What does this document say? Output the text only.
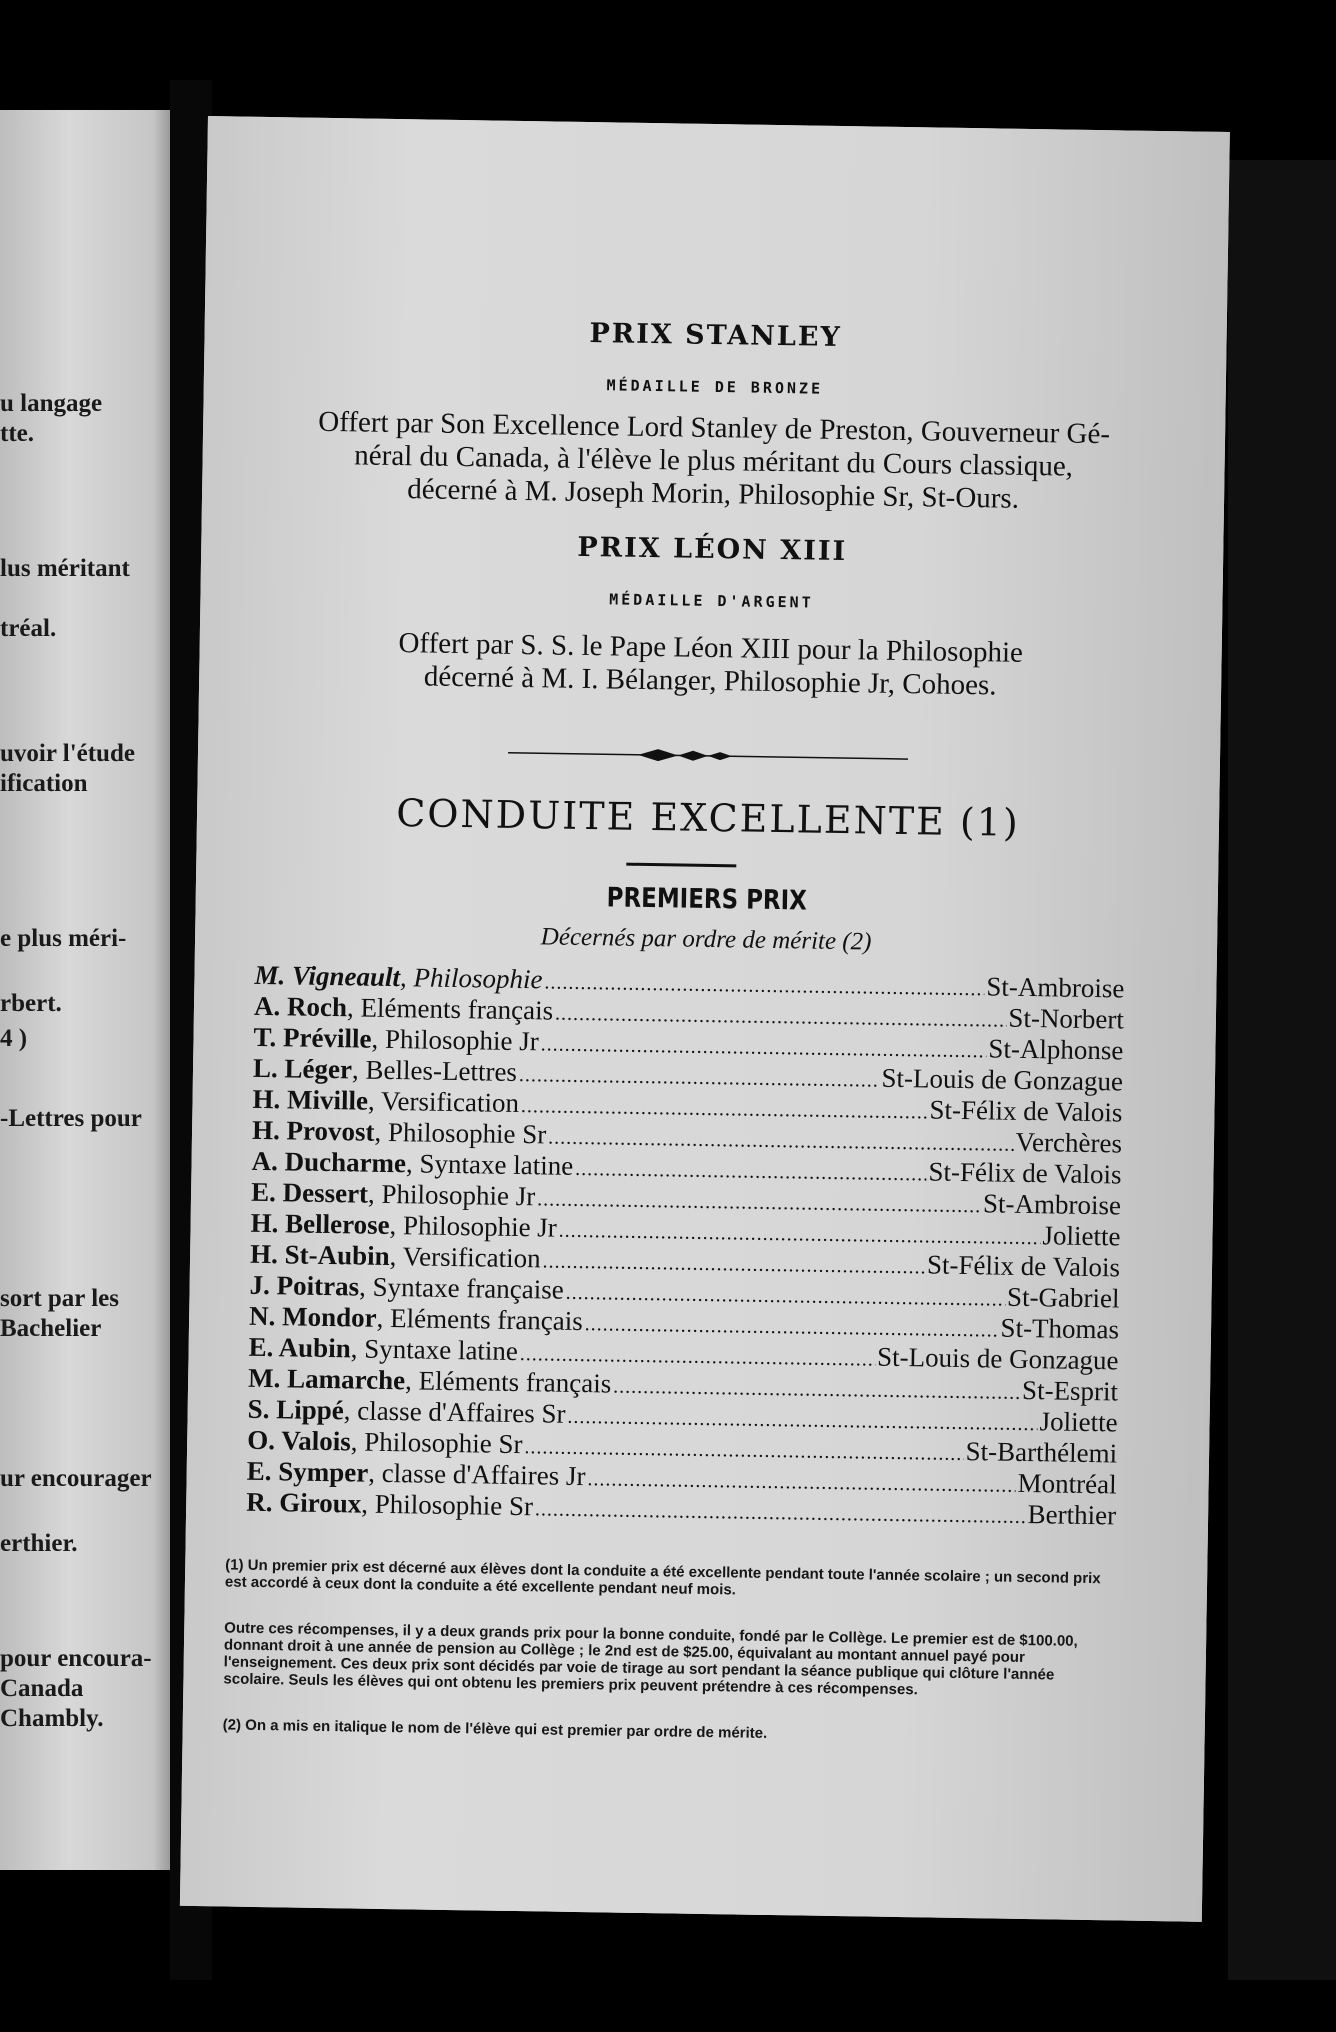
u langage
tte.
lus méritant
tréal.
uvoir l'étude
ification
e plus méri-
rbert.
4 )
-Lettres pour
sort par les
Bachelier
ur encourager
erthier.
pour encoura-
Canada
Chambly.
PRIX STANLEY
MÉDAILLE DE BRONZE
Offert par Son Excellence Lord Stanley de Preston, Gouverneur Gé-
néral du Canada, à l'élève le plus méritant du Cours classique,
décerné à M. Joseph Morin, Philosophie Sr, St-Ours.
PRIX LÉON XIII
MÉDAILLE D'ARGENT
Offert par S. S. le Pape Léon XIII pour la Philosophie
décerné à M. I. Bélanger, Philosophie Jr, Cohoes.
CONDUITE EXCELLENTE (1)
PREMIERS PRIX
Décernés par ordre de mérite (2)
M. Vigneault, Philosophie .....	St-Ambroise
A. Roch, Eléments français .....	St-Norbert
T. Préville, Philosophie Jr .....	St-Alphonse
L. Léger, Belles-Lettres .....	St-Louis de Gonzague
H. Miville, Versification .....	St-Félix de Valois
H. Provost, Philosophie Sr .....	Verchères
A. Ducharme, Syntaxe latine .....	St-Félix de Valois
E. Dessert, Philosophie Jr .....	St-Ambroise
H. Bellerose, Philosophie Jr .....	Joliette
H. St-Aubin, Versification .....	St-Félix de Valois
J. Poitras, Syntaxe française .....	St-Gabriel
N. Mondor, Eléments français .....	St-Thomas
E. Aubin, Syntaxe latine .....	St-Louis de Gonzague
M. Lamarche, Eléments français .....	St-Esprit
S. Lippé, classe d'Affaires Sr .....	Joliette
O. Valois, Philosophie Sr .....	St-Barthélemi
E. Symper, classe d'Affaires Jr .....	Montréal
R. Giroux, Philosophie Sr .....	Berthier
(1) Un premier prix est décerné aux élèves dont la conduite a été excellente pendant toute l'année scolaire ; un second prix est accordé à ceux dont la conduite a été excellente pendant neuf mois.
Outre ces récompenses, il y a deux grands prix pour la bonne conduite, fondé par le Collège. Le premier est de $100.00, donnant droit à une année de pension au Collège ; le 2nd est de $25.00, équivalant au montant annuel payé pour l'enseignement. Ces deux prix sont décidés par voie de tirage au sort pendant la séance publique qui clôture l'année scolaire. Seuls les élèves qui ont obtenu les premiers prix peuvent prétendre à ces récompenses.
(2) On a mis en italique le nom de l'élève qui est premier par ordre de mérite.
